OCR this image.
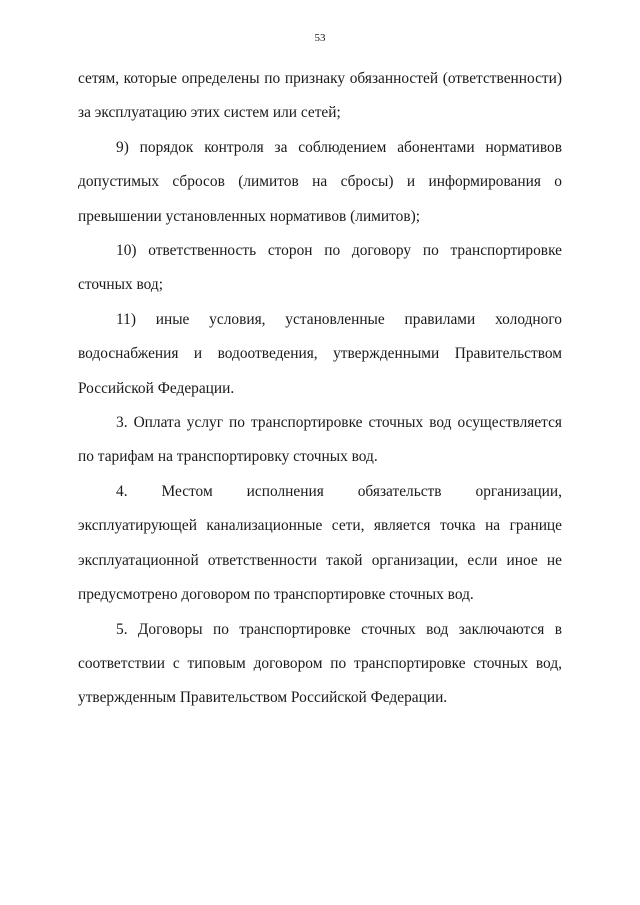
53

сетям, которые определены по признаку обязанностей (ответственности) за эксплуатацию этих систем или сетей;

9) порядок контроля за соблюдением абонентами нормативов допустимых сбросов (лимитов на сбросы) и информирования о превышении установленных нормативов (лимитов);

10) ответственность сторон по договору по транспортировке сточных вод;

11) иные условия, установленные правилами холодного водоснабжения и водоотведения, утвержденными Правительством Российской Федерации.

3. Оплата услуг по транспортировке сточных вод осуществляется по тарифам на транспортировку сточных вод.

4. Местом исполнения обязательств организации, эксплуатирующей канализационные сети, является точка на границе эксплуатационной ответственности такой организации, если иное не предусмотрено договором по транспортировке сточных вод.

5. Договоры по транспортировке сточных вод заключаются в соответствии с типовым договором по транспортировке сточных вод, утвержденным Правительством Российской Федерации.
